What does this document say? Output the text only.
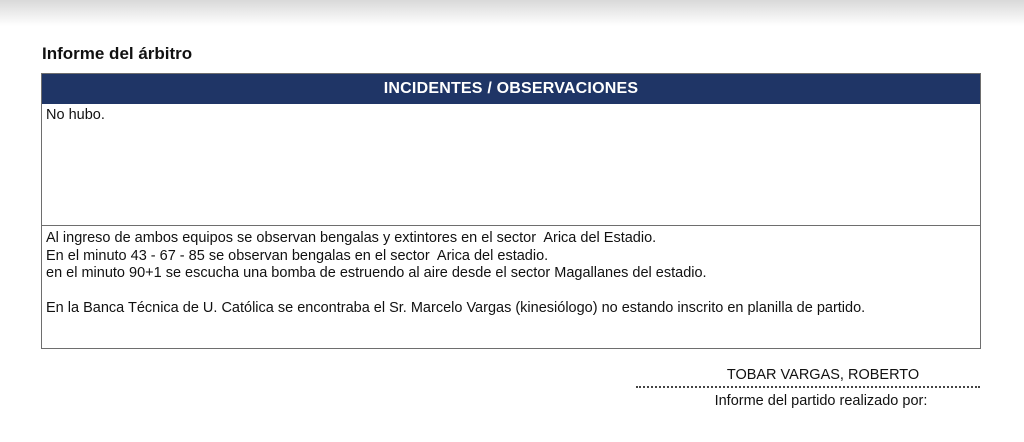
Informe del árbitro
INCIDENTES / OBSERVACIONES
No hubo.
Al ingreso de ambos equipos se observan bengalas y extintores en el sector  Arica del Estadio.
En el minuto 43 - 67 - 85 se observan bengalas en el sector  Arica del estadio.
en el minuto 90+1 se escucha una bomba de estruendo al aire desde el sector Magallanes del estadio.
En la Banca Técnica de U. Católica se encontraba el Sr. Marcelo Vargas (kinesiólogo) no estando inscrito en planilla de partido.
TOBAR VARGAS, ROBERTO
Informe del partido realizado por:
